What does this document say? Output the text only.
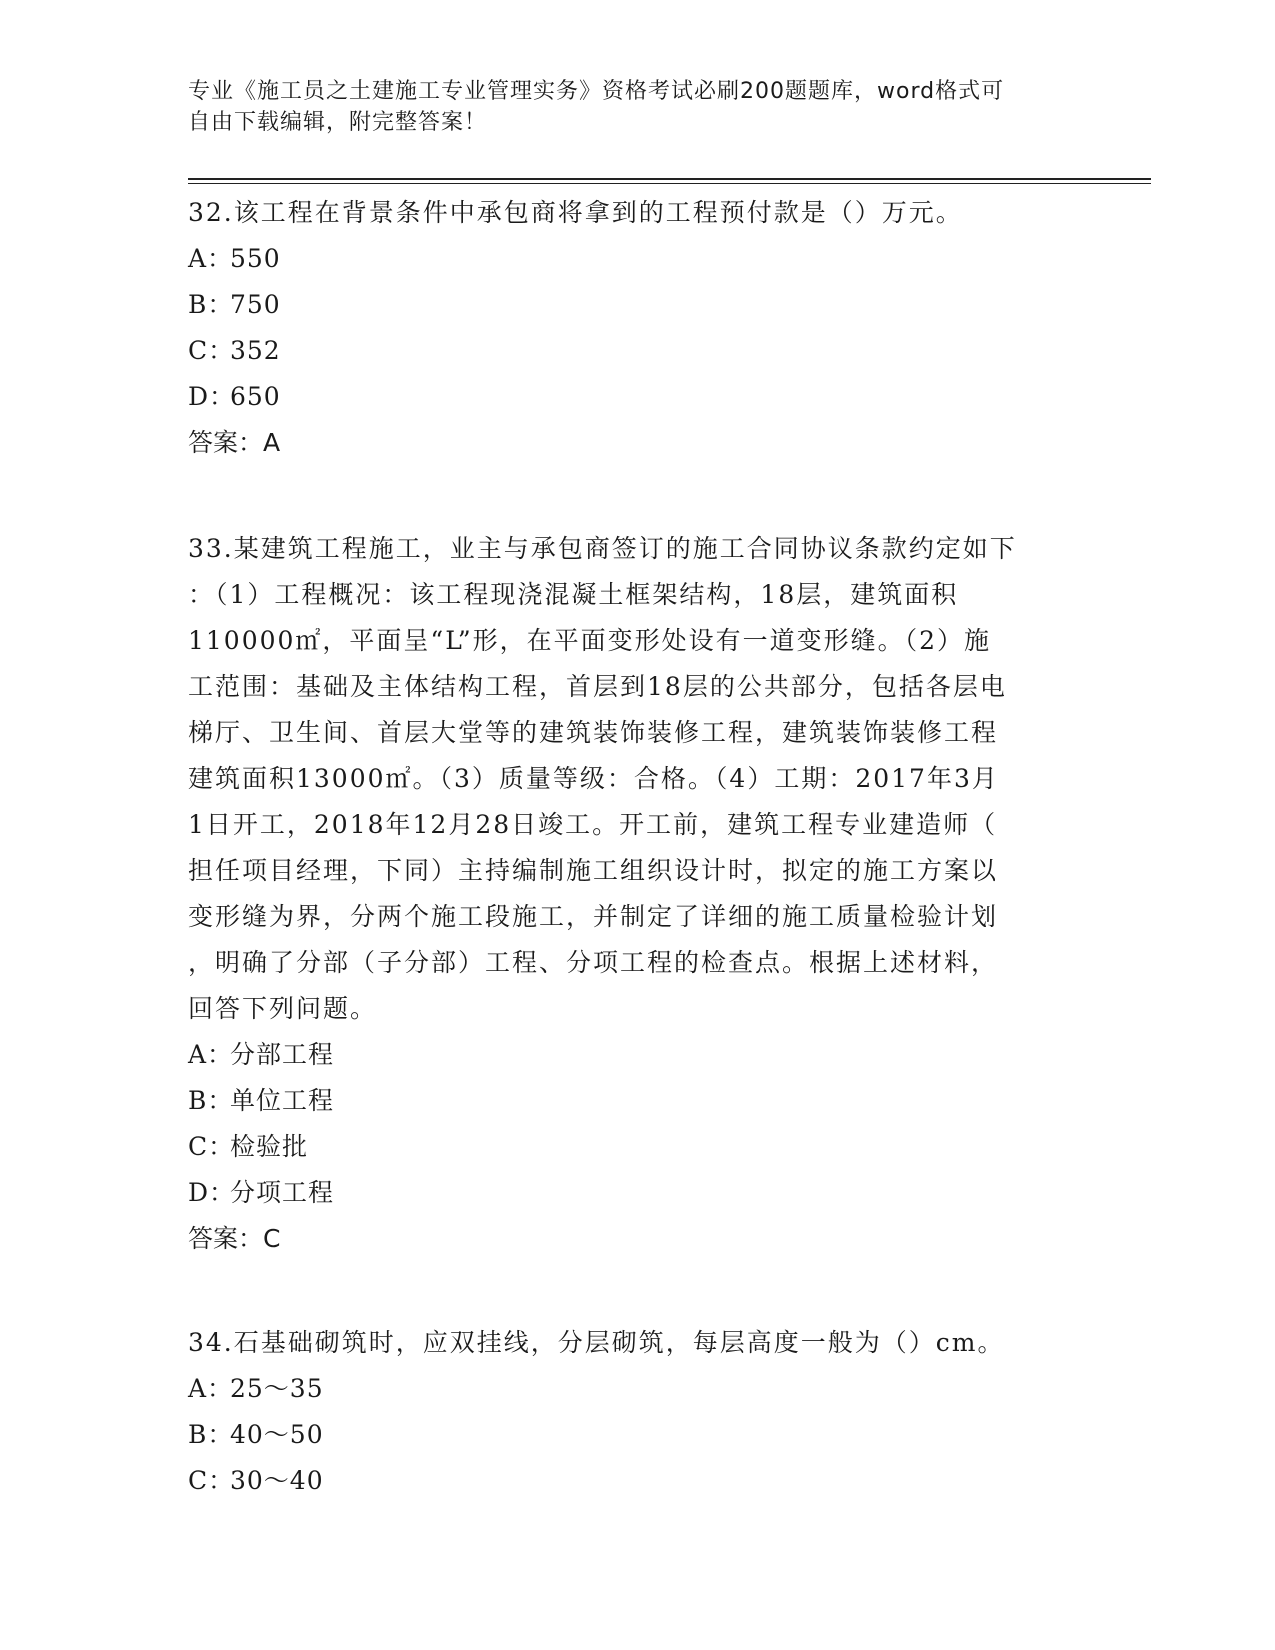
专业《施工员之土建施工专业管理实务》资格考试必刷200题题库，word格式可
自由下载编辑，附完整答案！
32.该工程在背景条件中承包商将拿到的工程预付款是（）万元。
A：550
B：750
C：352
D：650
答案：A
33.某建筑工程施工，业主与承包商签订的施工合同协议条款约定如下
：（1）工程概况：该工程现浇混凝土框架结构，18层，建筑面积
110000㎡，平面呈“L”形，在平面变形处设有一道变形缝。（2）施
工范围：基础及主体结构工程，首层到18层的公共部分，包括各层电
梯厅、卫生间、首层大堂等的建筑装饰装修工程，建筑装饰装修工程
建筑面积13000㎡。（3）质量等级：合格。（4）工期：2017年3月
1日开工，2018年12月28日竣工。开工前，建筑工程专业建造师（
担任项目经理，下同）主持编制施工组织设计时，拟定的施工方案以
变形缝为界，分两个施工段施工，并制定了详细的施工质量检验计划
，明确了分部（子分部）工程、分项工程的检查点。根据上述材料，
回答下列问题。
A：分部工程
B：单位工程
C：检验批
D：分项工程
答案：C
34.石基础砌筑时，应双挂线，分层砌筑，每层高度一般为（）cm。
A：25～35
B：40～50
C：30～40
